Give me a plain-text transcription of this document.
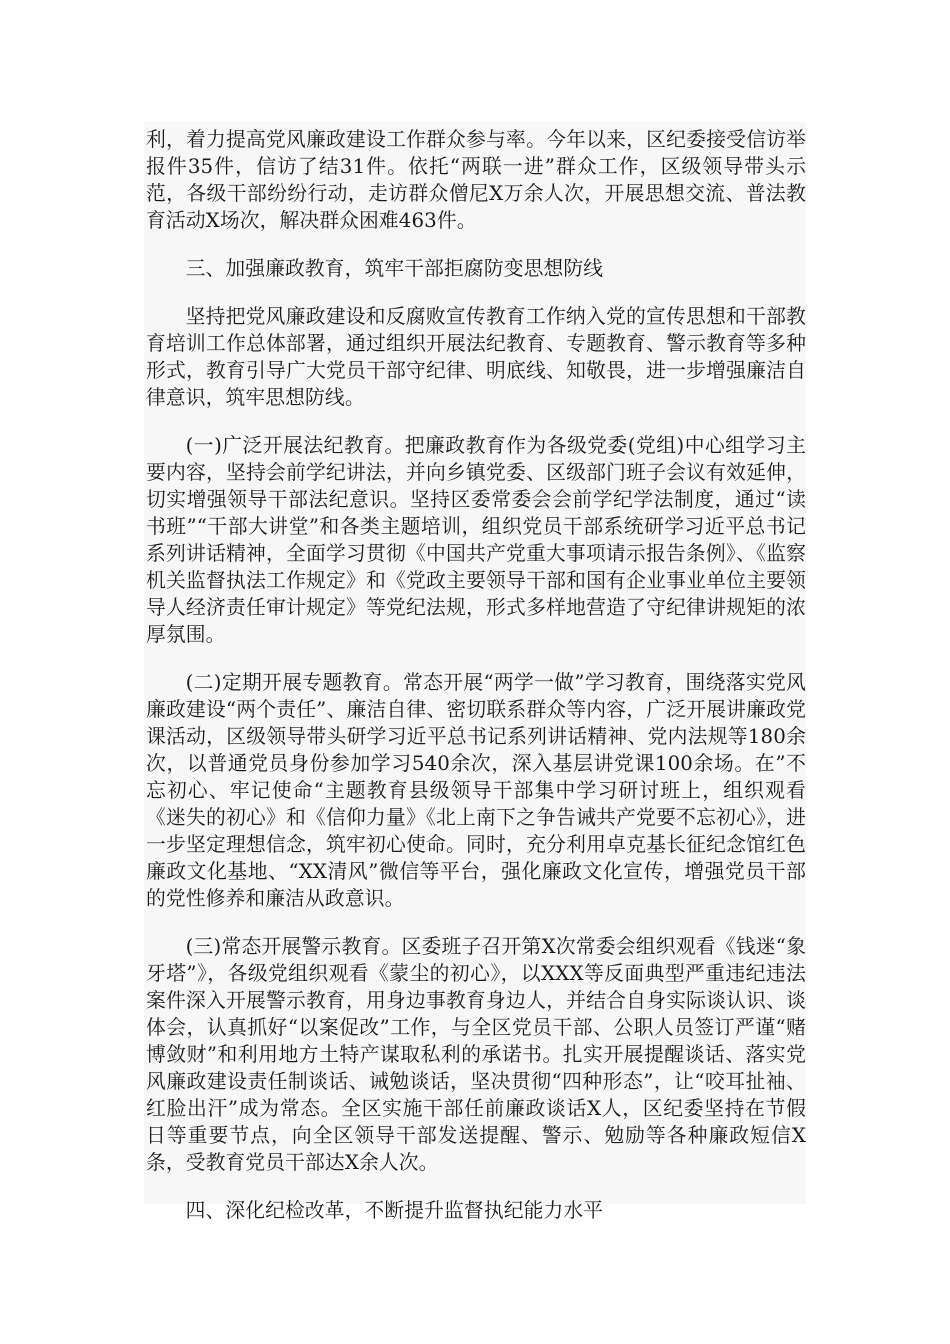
利，着力提高党风廉政建设工作群众参与率。今年以来，区纪委接受信访举报件35件，信访了结31件。依托“两联一进”群众工作，区级领导带头示范，各级干部纷纷行动，走访群众僧尼X万余人次，开展思想交流、普法教育活动X场次，解决群众困难463件。

三、加强廉政教育，筑牢干部拒腐防变思想防线

坚持把党风廉政建设和反腐败宣传教育工作纳入党的宣传思想和干部教育培训工作总体部署，通过组织开展法纪教育、专题教育、警示教育等多种形式，教育引导广大党员干部守纪律、明底线、知敬畏，进一步增强廉洁自律意识，筑牢思想防线。

(一)广泛开展法纪教育。把廉政教育作为各级党委(党组)中心组学习主要内容，坚持会前学纪讲法，并向乡镇党委、区级部门班子会议有效延伸，切实增强领导干部法纪意识。坚持区委常委会会前学纪学法制度，通过“读书班”“干部大讲堂”和各类主题培训，组织党员干部系统研学习近平总书记系列讲话精神，全面学习贯彻《中国共产党重大事项请示报告条例》、《监察机关监督执法工作规定》和《党政主要领导干部和国有企业事业单位主要领导人经济责任审计规定》等党纪法规，形式多样地营造了守纪律讲规矩的浓厚氛围。

(二)定期开展专题教育。常态开展“两学一做”学习教育，围绕落实党风廉政建设“两个责任”、廉洁自律、密切联系群众等内容，广泛开展讲廉政党课活动，区级领导带头研学习近平总书记系列讲话精神、党内法规等180余次，以普通党员身份参加学习540余次，深入基层讲党课100余场。在”不忘初心、牢记使命“主题教育县级领导干部集中学习研讨班上，组织观看《迷失的初心》和《信仰力量》《北上南下之争告诫共产党要不忘初心》，进一步坚定理想信念，筑牢初心使命。同时，充分利用卓克基长征纪念馆红色廉政文化基地、“XX清风”微信等平台，强化廉政文化宣传，增强党员干部的党性修养和廉洁从政意识。

(三)常态开展警示教育。区委班子召开第X次常委会组织观看《钱迷“象牙塔”》，各级党组织观看《蒙尘的初心》，以XXX等反面典型严重违纪违法案件深入开展警示教育，用身边事教育身边人，并结合自身实际谈认识、谈体会，认真抓好“以案促改”工作，与全区党员干部、公职人员签订严谨“赌博敛财”和利用地方土特产谋取私利的承诺书。扎实开展提醒谈话、落实党风廉政建设责任制谈话、诫勉谈话，坚决贯彻“四种形态”，让“咬耳扯袖、红脸出汗”成为常态。全区实施干部任前廉政谈话X人，区纪委坚持在节假日等重要节点，向全区领导干部发送提醒、警示、勉励等各种廉政短信X条，受教育党员干部达X余人次。

四、深化纪检改革，不断提升监督执纪能力水平
